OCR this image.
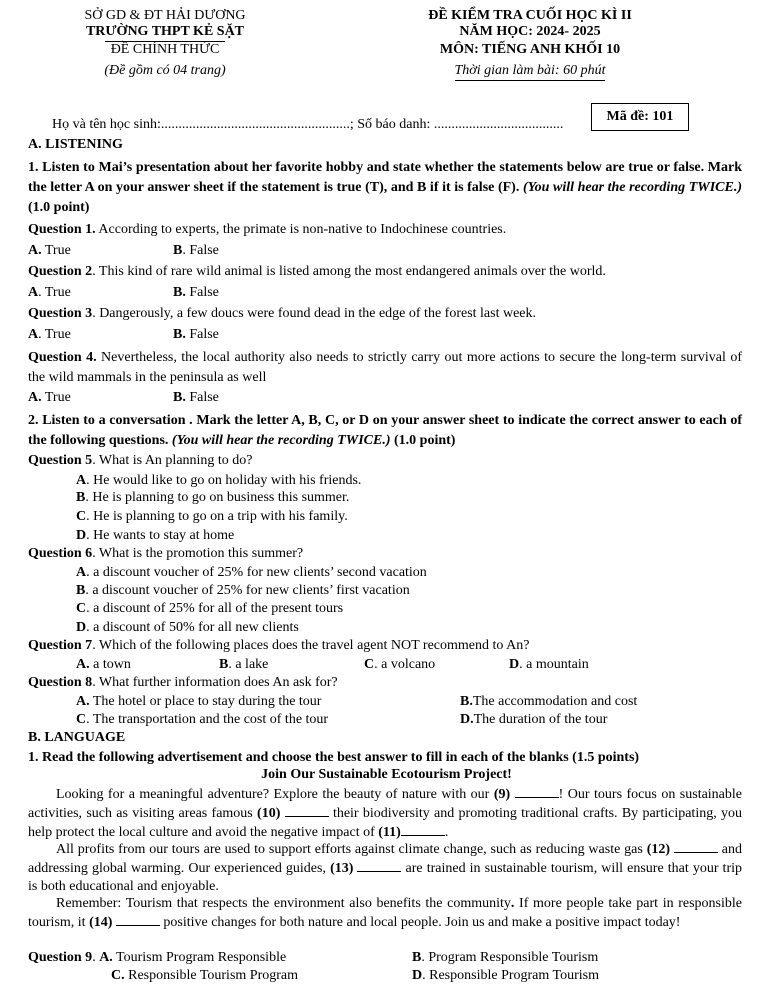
SỞ GD & ĐT HẢI DƯƠNG
TRƯỜNG THPT KẺ SẶT
ĐỀ CHÍNH THỨC
(Đề gồm có 04 trang)
ĐỀ KIỂM TRA CUỐI HỌC KÌ II
NĂM HỌC: 2024- 2025
MÔN: TIẾNG ANH KHỐI 10
Thời gian làm bài: 60 phút
Họ và tên học sinh:......................................................; Số báo danh: .....................................
Mã đề: 101
A. LISTENING
1. Listen to Mai’s presentation about her favorite hobby and state whether the statements below are true or false. Mark the letter A on your answer sheet if the statement is true (T), and B if it is false (F). (You will hear the recording TWICE.) (1.0 point)
Question 1. According to experts, the primate is non-native to Indochinese countries.
A. True	B. False
Question 2. This kind of rare wild animal is listed among the most endangered animals over the world.
A. True	B. False
Question 3. Dangerously, a few doucs were found dead in the edge of the forest last week.
A. True	B. False
Question 4. Nevertheless, the local authority also needs to strictly carry out more actions to secure the long-term survival of the wild mammals in the peninsula as well
A. True	B. False
2. Listen to a conversation . Mark the letter A, B, C, or D on your answer sheet to indicate the correct answer to each of the following questions. (You will hear the recording TWICE.) (1.0 point)
Question 5. What is An planning to do?
A. He would like to go on holiday with his friends.
B. He is planning to go on business this summer.
C. He is planning to go on a trip with his family.
D. He wants to stay at home
Question 6. What is the promotion this summer?
A. a discount voucher of 25% for new clients’ second vacation
B. a discount voucher of 25% for new clients’ first vacation
C. a discount of 25% for all of the present tours
D. a discount of 50% for all new clients
Question 7. Which of the following places does the travel agent NOT recommend to An?
A. a town	B. a lake	C. a volcano	D. a mountain
Question 8. What further information does An ask for?
A. The hotel or place to stay during the tour	B.The accommodation and cost
C. The transportation and the cost of the tour	D.The duration of the tour
B. LANGUAGE
1. Read the following advertisement and choose the best answer to fill in each of the blanks (1.5 points)
Join Our Sustainable Ecotourism Project!
Looking for a meaningful adventure? Explore the beauty of nature with our (9)	! Our tours focus on sustainable activities, such as visiting areas famous (10)	their biodiversity and promoting traditional crafts. By participating, you help protect the local culture and avoid the negative impact of (11)	.
All profits from our tours are used to support efforts against climate change, such as reducing waste gas (12)	and addressing global warming. Our experienced guides, (13)	are trained in sustainable tourism, will ensure that your trip is both educational and enjoyable.
Remember: Tourism that respects the environment also benefits the community. If more people take part in responsible tourism, it (14)	positive changes for both nature and local people. Join us and make a positive impact today!
Question 9. A. Tourism Program Responsible	B. Program Responsible Tourism
C. Responsible Tourism Program	D. Responsible Program Tourism
